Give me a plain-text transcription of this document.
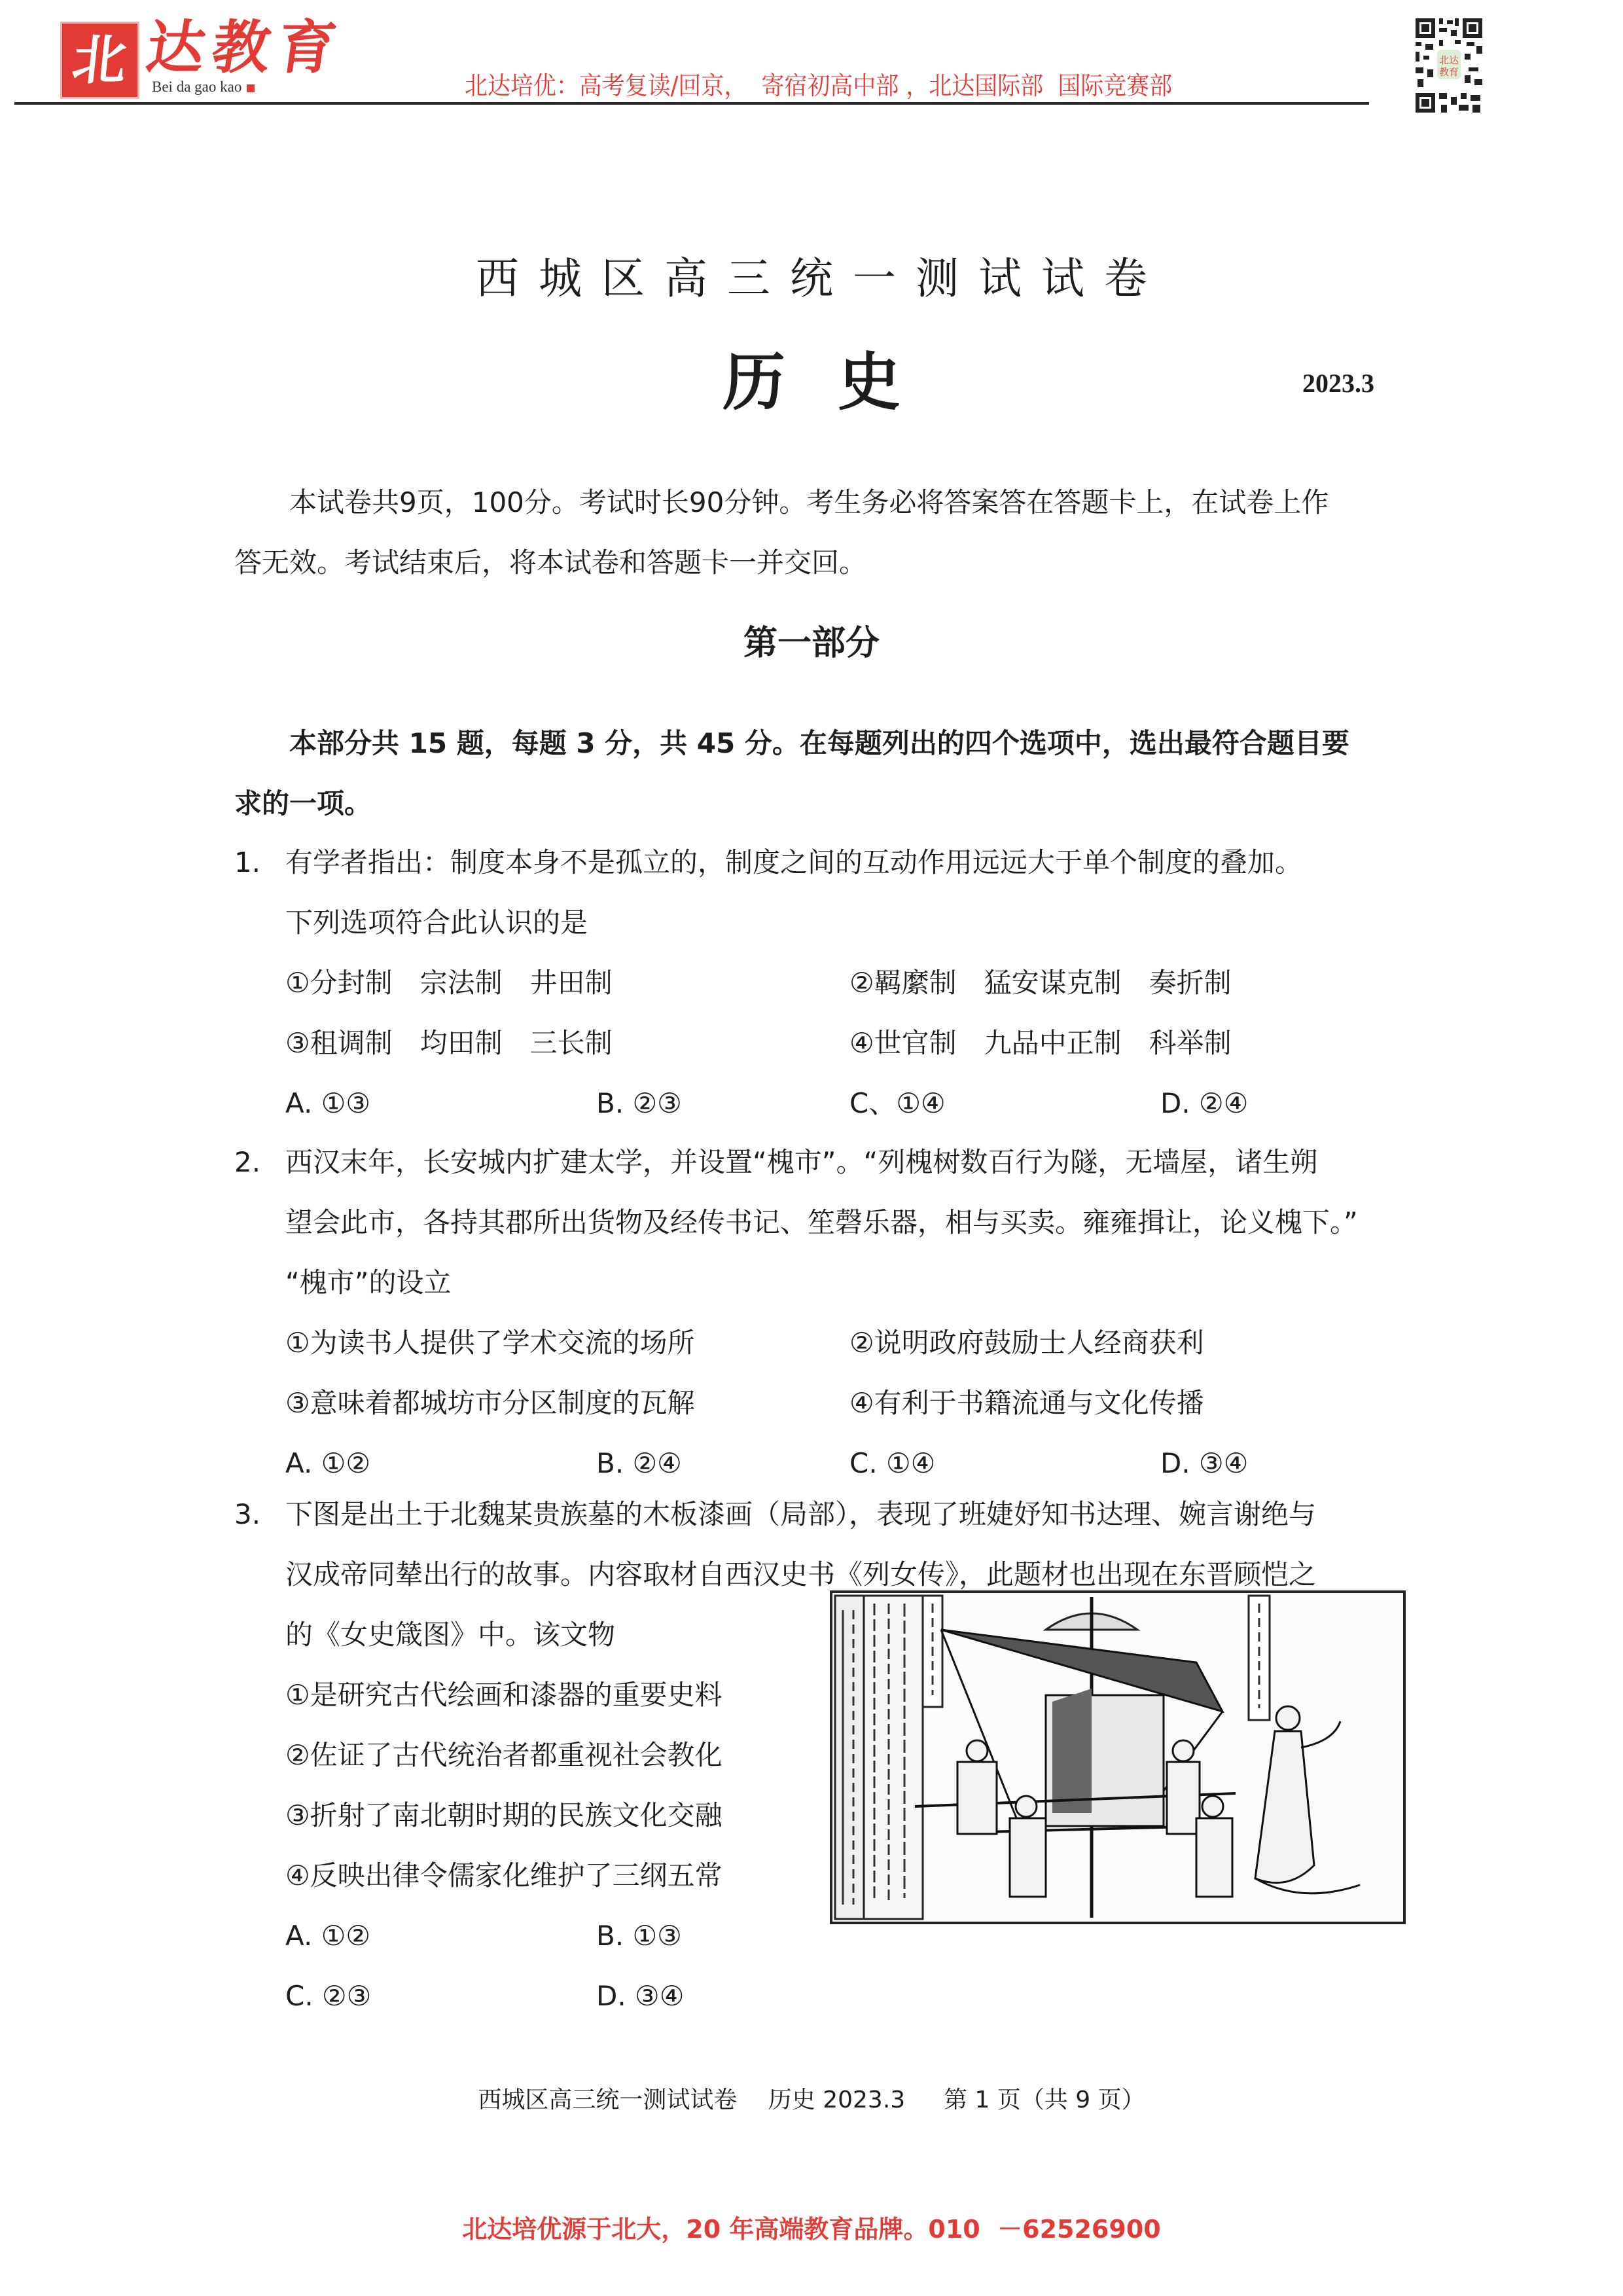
北 达教育
Bei da gao kao	北达培优：高考复读/回京，  寄宿初高中部 ，北达国际部  国际竞赛部
北达
教育
西城区高三统一测试试卷
历史	2023.3
本试卷共9页，100分。考试时长90分钟。考生务必将答案答在答题卡上，在试卷上作
答无效。考试结束后，将本试卷和答题卡一并交回。
第一部分
本部分共 15 题，每题 3 分，共 45 分。在每题列出的四个选项中，选出最符合题目要
求的一项。
1. 有学者指出：制度本身不是孤立的，制度之间的互动作用远远大于单个制度的叠加。
下列选项符合此认识的是
①分封制　宗法制　井田制	②羁縻制　猛安谋克制　奏折制
③租调制　均田制　三长制	④世官制　九品中正制　科举制
A. ①③	B. ②③	C、①④	D. ②④
2. 西汉末年，长安城内扩建太学，并设置“槐市”。“列槐树数百行为隧，无墙屋，诸生朔
望会此市，各持其郡所出货物及经传书记、笙磬乐器，相与买卖。雍雍揖让，论义槐下。”
“槐市”的设立
①为读书人提供了学术交流的场所	②说明政府鼓励士人经商获利
③意味着都城坊市分区制度的瓦解	④有利于书籍流通与文化传播
A. ①②	B. ②④	C. ①④	D. ③④
3. 下图是出土于北魏某贵族墓的木板漆画（局部），表现了班婕妤知书达理、婉言谢绝与
汉成帝同辇出行的故事。内容取材自西汉史书《列女传》，此题材也出现在东晋顾恺之
的《女史箴图》中。该文物
①是研究古代绘画和漆器的重要史料
②佐证了古代统治者都重视社会教化
③折射了南北朝时期的民族文化交融
④反映出律令儒家化维护了三纲五常
A. ①②	B. ①③
C. ②③	D. ③④
西城区高三统一测试试卷　 历史 2023.3　  第 1 页（共 9 页）
北达培优源于北大，20 年高端教育品牌。010  －62526900
